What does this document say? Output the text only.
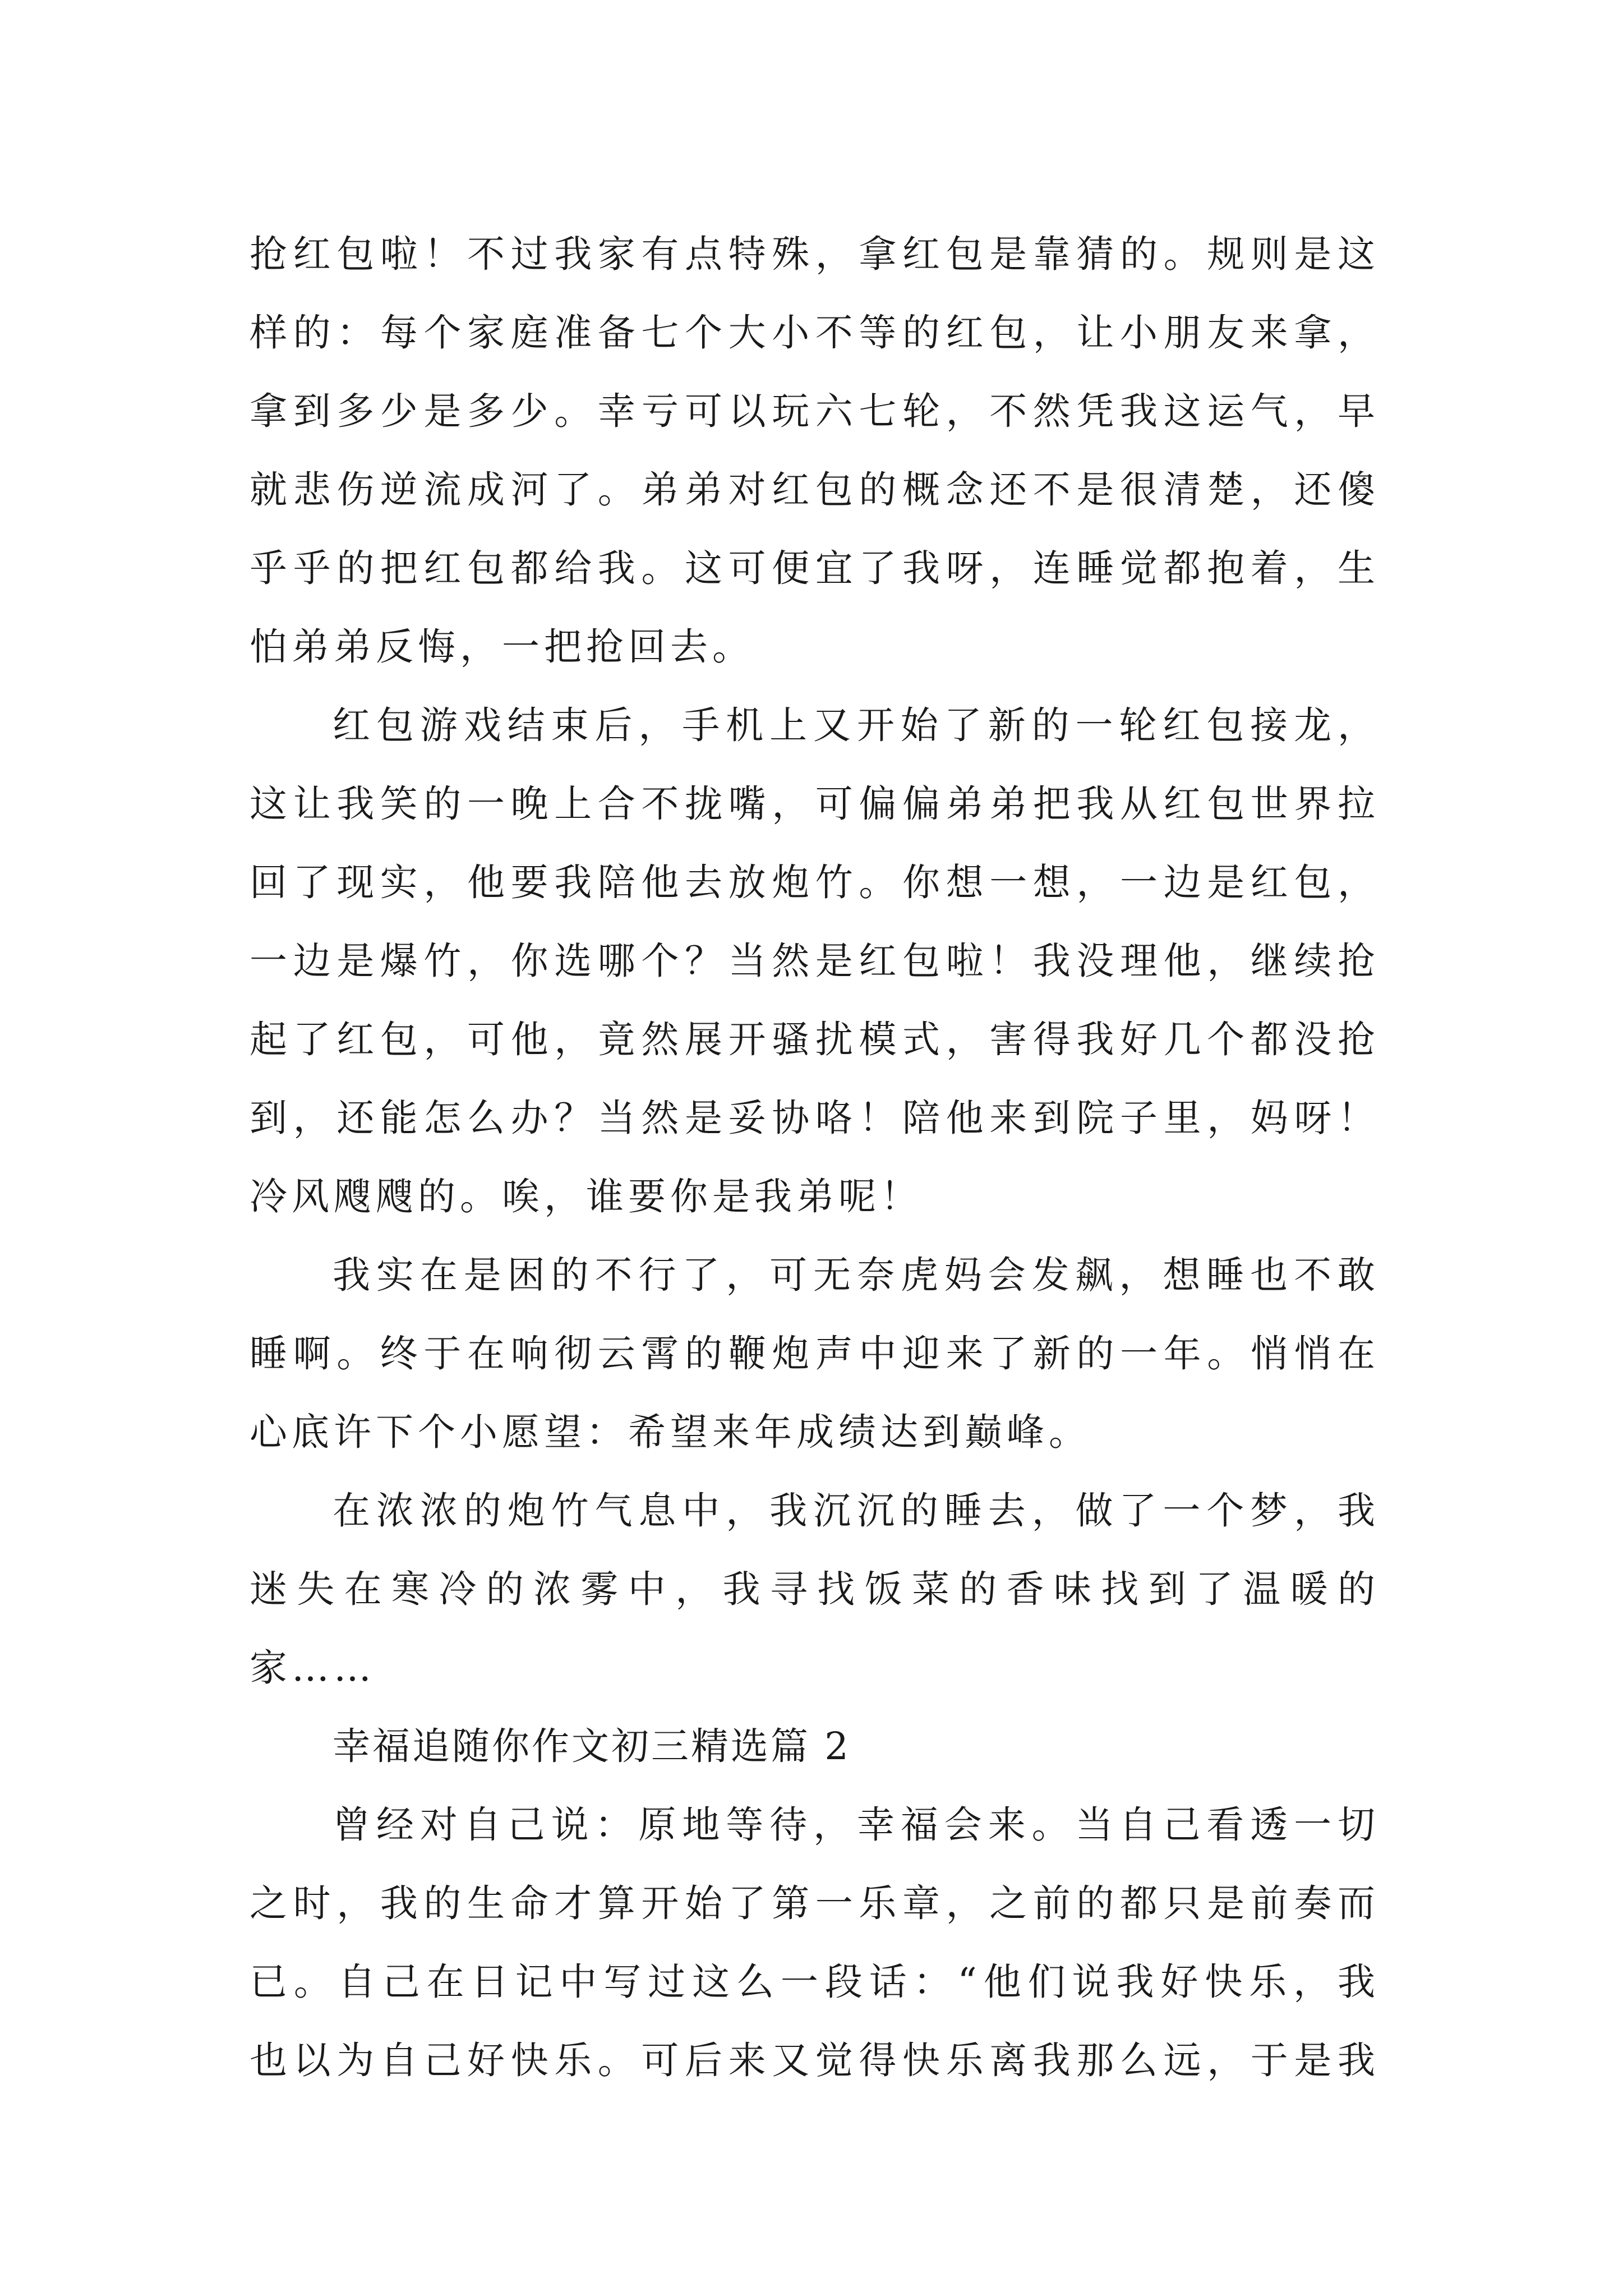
抢红包啦！不过我家有点特殊，拿红包是靠猜的。规则是这
样的：每个家庭准备七个大小不等的红包，让小朋友来拿，
拿到多少是多少。幸亏可以玩六七轮，不然凭我这运气，早
就悲伤逆流成河了。弟弟对红包的概念还不是很清楚，还傻
乎乎的把红包都给我。这可便宜了我呀，连睡觉都抱着，生
怕弟弟反悔，一把抢回去。
红包游戏结束后，手机上又开始了新的一轮红包接龙，
这让我笑的一晚上合不拢嘴，可偏偏弟弟把我从红包世界拉
回了现实，他要我陪他去放炮竹。你想一想，一边是红包，
一边是爆竹，你选哪个？当然是红包啦！我没理他，继续抢
起了红包，可他，竟然展开骚扰模式，害得我好几个都没抢
到，还能怎么办？当然是妥协咯！陪他来到院子里，妈呀！
冷风飕飕的。唉，谁要你是我弟呢！
我实在是困的不行了，可无奈虎妈会发飙，想睡也不敢
睡啊。终于在响彻云霄的鞭炮声中迎来了新的一年。悄悄在
心底许下个小愿望：希望来年成绩达到巅峰。
在浓浓的炮竹气息中，我沉沉的睡去，做了一个梦，我
迷失在寒冷的浓雾中，我寻找饭菜的香味找到了温暖的
家……
幸福追随你作文初三精选篇 2
曾经对自己说：原地等待，幸福会来。当自己看透一切
之时，我的生命才算开始了第一乐章，之前的都只是前奏而
已。自己在日记中写过这么一段话：“他们说我好快乐，我
也以为自己好快乐。可后来又觉得快乐离我那么远，于是我
